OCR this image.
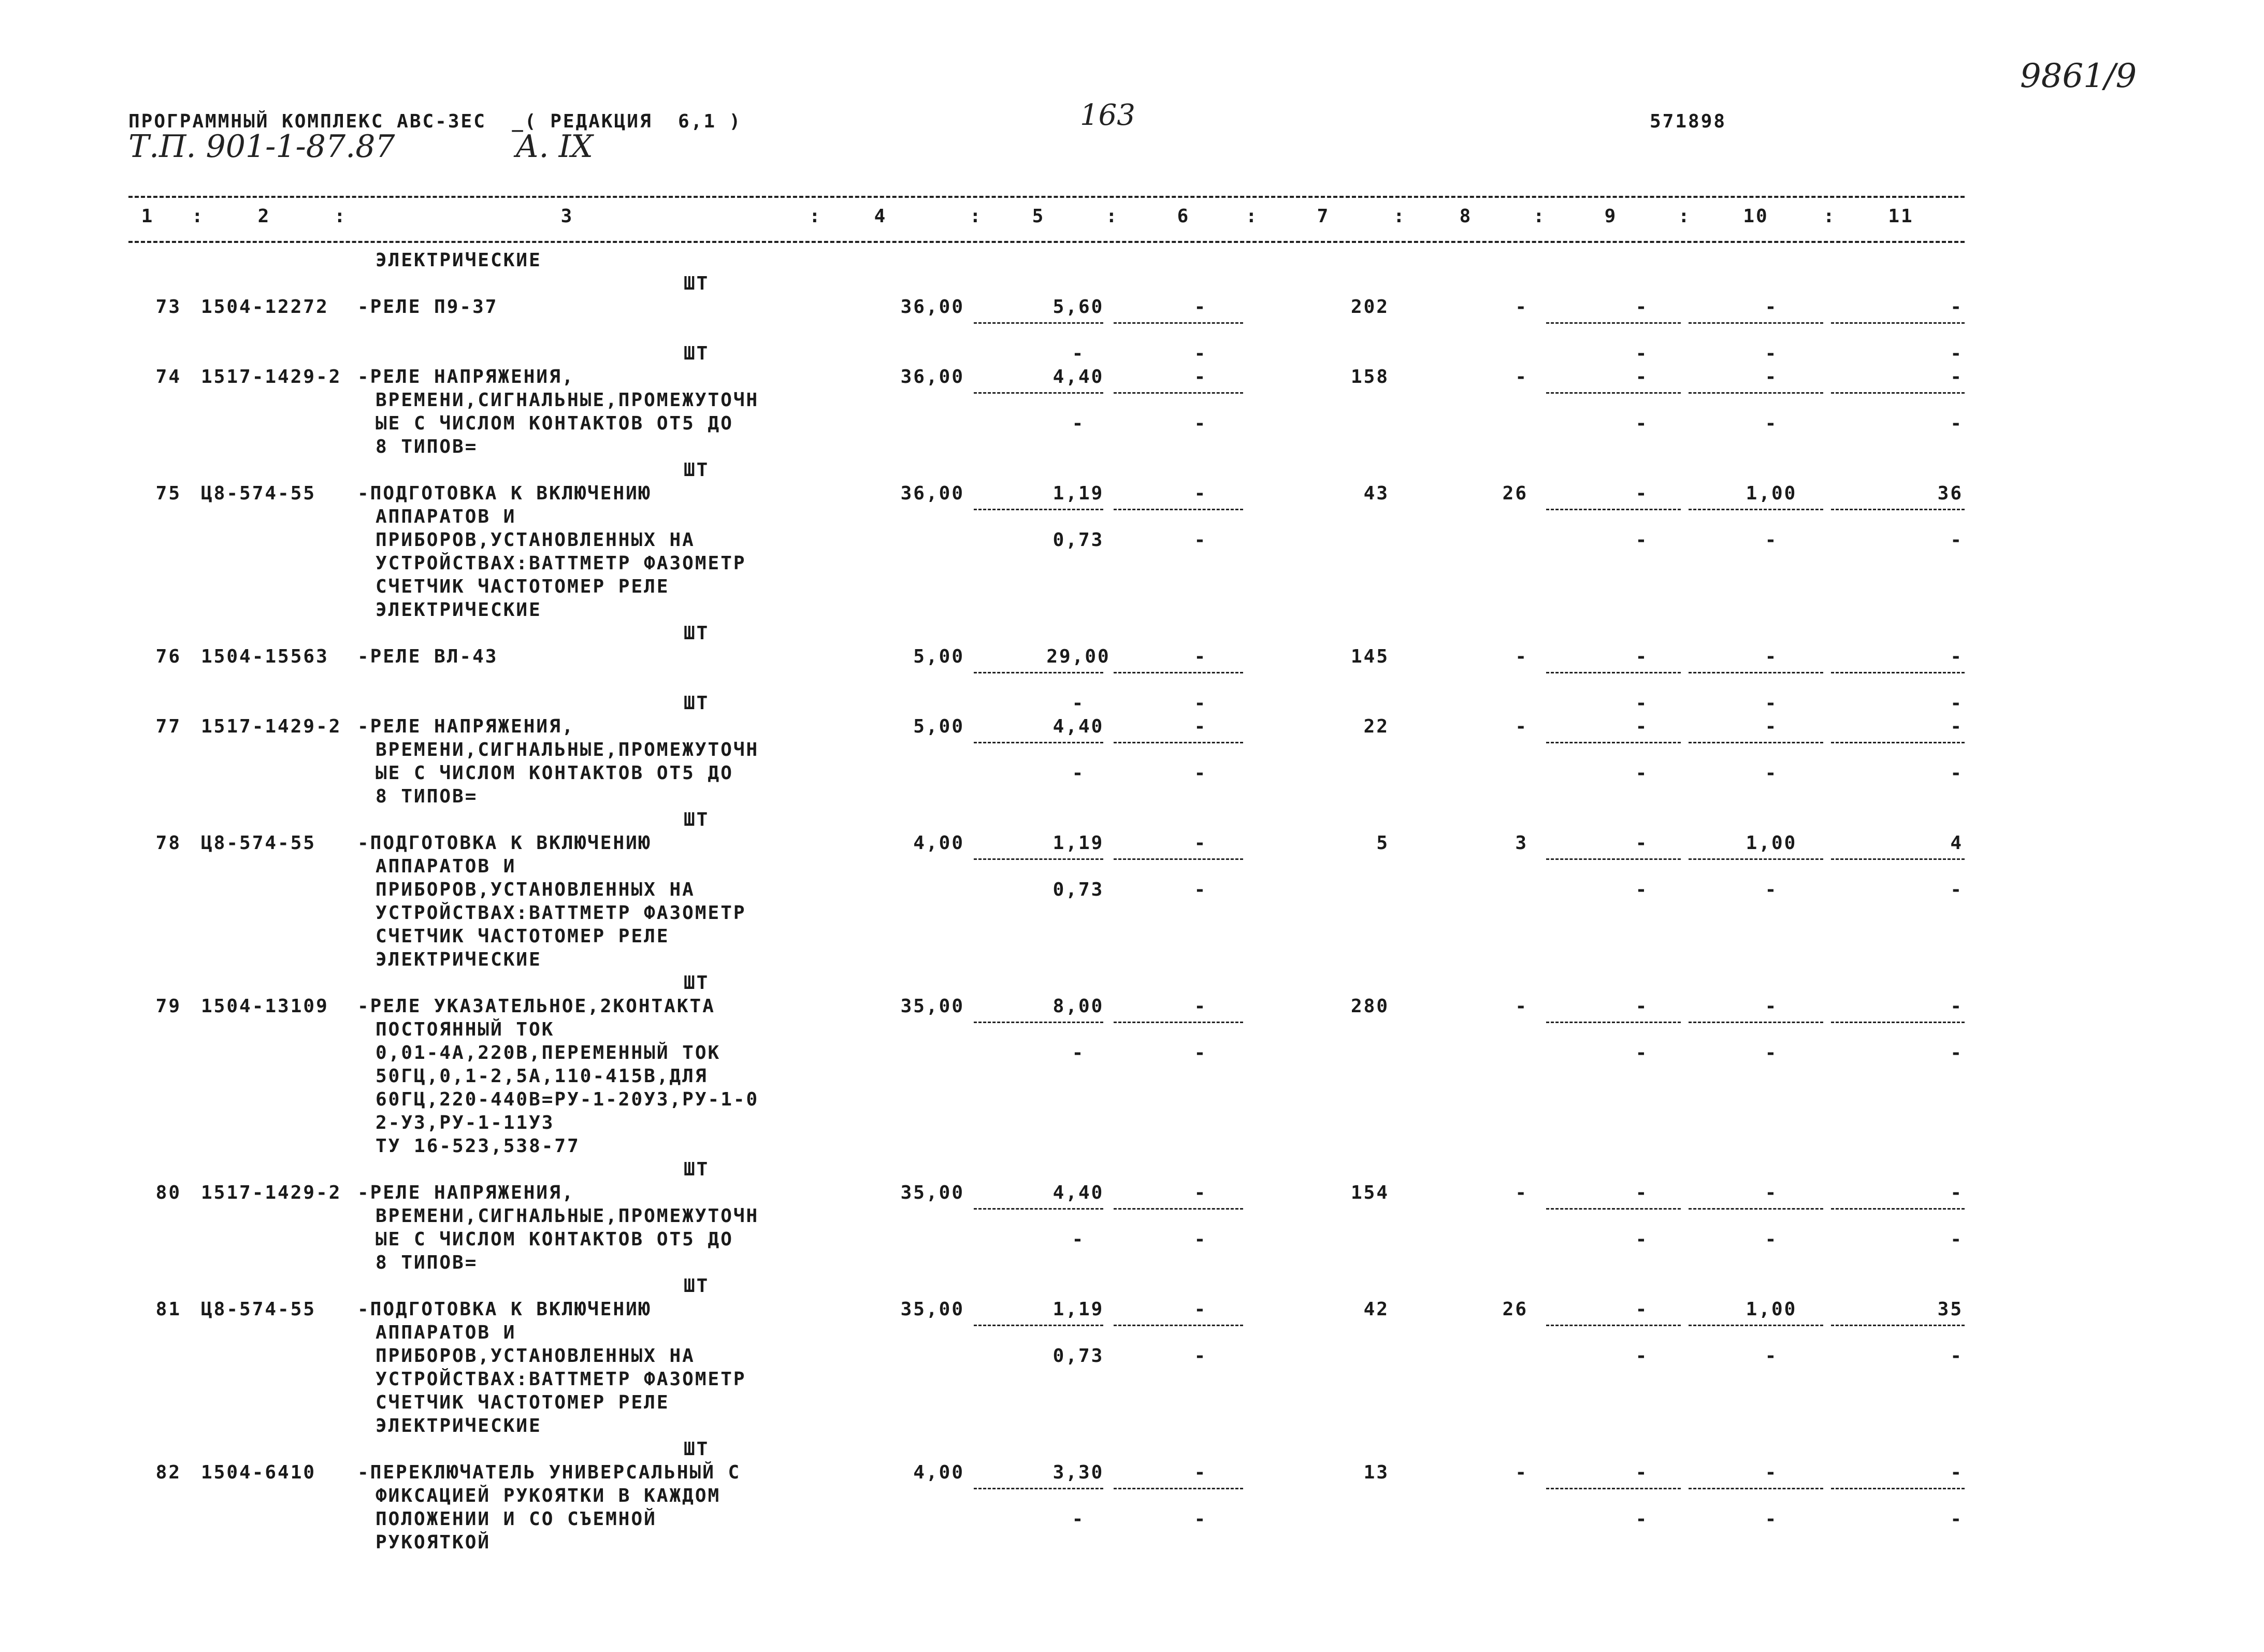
ПРОГРАММНЫЙ КОМПЛЕКС АВС-3ЕС  _( РЕДАКЦИЯ  6,1 )	163	571898
9861/9
Т.П. 901-1-87.87	А. IX
1	2	3	4	5	6	7	8	9	10	11
:	:	:	:	:	:	:	:	:	:
ЭЛЕКТРИЧЕСКИЕ
ШТ
73 1504-12272 -РЕЛЕ П9-37	36,00	5,60	-	202	-	-	-	-
-	-	-	-	-
ШТ
74 1517-1429-2 -РЕЛЕ НАПРЯЖЕНИЯ,
ВРЕМЕНИ,СИГНАЛЬНЫЕ,ПРОМЕЖУТОЧН
ЫЕ С ЧИСЛОМ КОНТАКТОВ ОТ5 ДО
8 ТИПОВ=
36,00	4,40	-	158	-	-	-	-
-	-	-	-	-
ШТ
75 Ц8-574-55 -ПОДГОТОВКА К ВКЛЮЧЕНИЮ
АППАРАТОВ И
ПРИБОРОВ,УСТАНОВЛЕННЫХ НА
УСТРОЙСТВАХ:ВАТТМЕТР ФАЗОМЕТР
СЧЕТЧИК ЧАСТОТОМЕР РЕЛЕ
ЭЛЕКТРИЧЕСКИЕ
36,00	1,19	-	43	26	-	1,00	36
0,73	-	-	-	-
ШТ
76 1504-15563 -РЕЛЕ ВЛ-43	5,00	29,00	-	145	-	-	-	-
-	-	-	-	-
ШТ
77 1517-1429-2 -РЕЛЕ НАПРЯЖЕНИЯ,
ВРЕМЕНИ,СИГНАЛЬНЫЕ,ПРОМЕЖУТОЧН
ЫЕ С ЧИСЛОМ КОНТАКТОВ ОТ5 ДО
8 ТИПОВ=
5,00	4,40	-	22	-	-	-	-
-	-	-	-	-
ШТ
78 Ц8-574-55 -ПОДГОТОВКА К ВКЛЮЧЕНИЮ
АППАРАТОВ И
ПРИБОРОВ,УСТАНОВЛЕННЫХ НА
УСТРОЙСТВАХ:ВАТТМЕТР ФАЗОМЕТР
СЧЕТЧИК ЧАСТОТОМЕР РЕЛЕ
ЭЛЕКТРИЧЕСКИЕ
4,00	1,19	-	5	3	-	1,00	4
0,73	-	-	-	-
ШТ
79 1504-13109 -РЕЛЕ УКАЗАТЕЛЬНОЕ,2КОНТАКТА
ПОСТОЯННЫЙ ТОК
0,01-4А,220В,ПЕРЕМЕННЫЙ ТОК
50ГЦ,0,1-2,5А,110-415В,ДЛЯ
60ГЦ,220-440В=РУ-1-20У3,РУ-1-0
2-У3,РУ-1-11У3
ТУ 16-523,538-77
35,00	8,00	-	280	-	-	-	-
-	-	-	-	-
ШТ
80 1517-1429-2 -РЕЛЕ НАПРЯЖЕНИЯ,
ВРЕМЕНИ,СИГНАЛЬНЫЕ,ПРОМЕЖУТОЧН
ЫЕ С ЧИСЛОМ КОНТАКТОВ ОТ5 ДО
8 ТИПОВ=
35,00	4,40	-	154	-	-	-	-
-	-	-	-	-
ШТ
81 Ц8-574-55 -ПОДГОТОВКА К ВКЛЮЧЕНИЮ
АППАРАТОВ И
ПРИБОРОВ,УСТАНОВЛЕННЫХ НА
УСТРОЙСТВАХ:ВАТТМЕТР ФАЗОМЕТР
СЧЕТЧИК ЧАСТОТОМЕР РЕЛЕ
ЭЛЕКТРИЧЕСКИЕ
35,00	1,19	-	42	26	-	1,00	35
0,73	-	-	-	-
ШТ
82 1504-6410 -ПЕРЕКЛЮЧАТЕЛЬ УНИВЕРСАЛЬНЫЙ С
ФИКСАЦИЕЙ РУКОЯТКИ В КАЖДОМ
ПОЛОЖЕНИИ И СО СЪЕМНОЙ
РУКОЯТКОЙ
4,00	3,30	-	13	-	-	-	-
-	-	-	-	-
